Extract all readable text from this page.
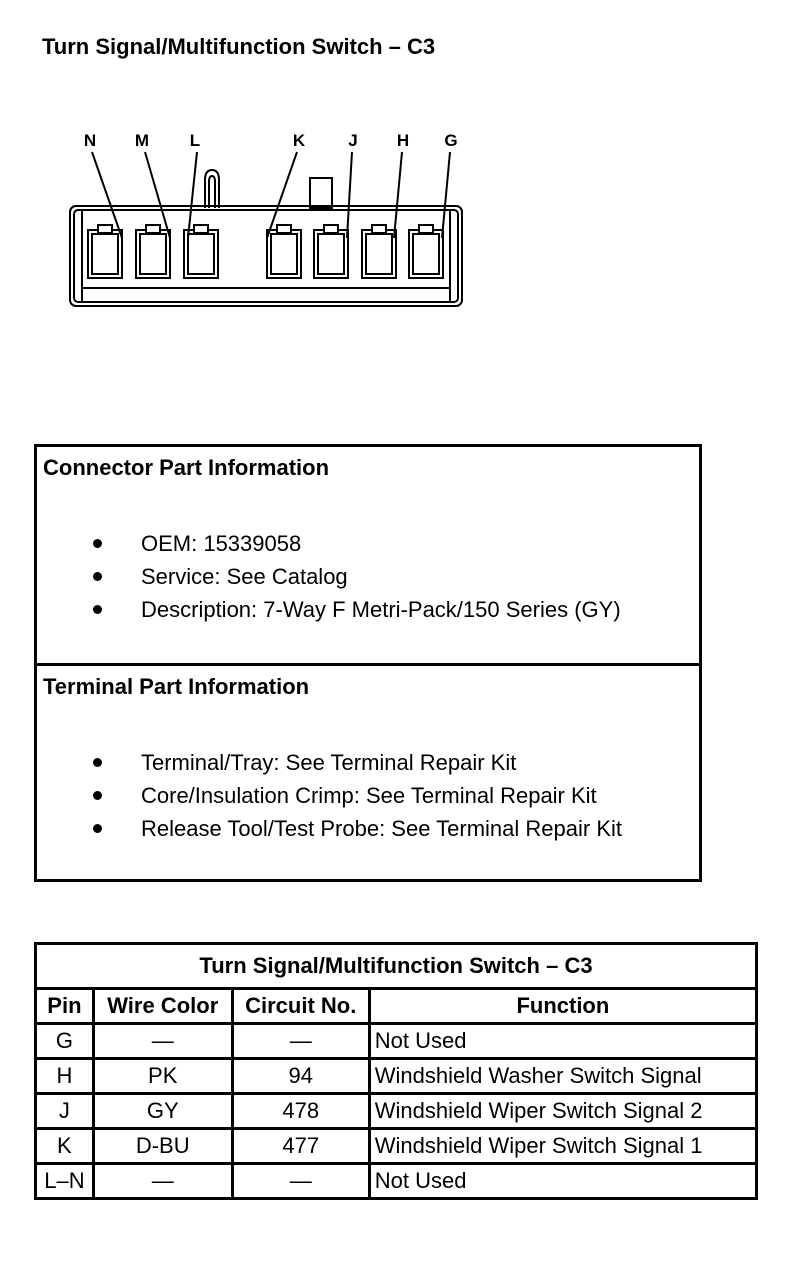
Turn Signal/Multifunction Switch – C3
N M L	K	J H G
Connector Part Information
OEM: 15339058
Service: See Catalog
Description: 7-Way F Metri-Pack/150 Series (GY)
Terminal Part Information
Terminal/Tray: See Terminal Repair Kit
Core/Insulation Crimp: See Terminal Repair Kit
Release Tool/Test Probe: See Terminal Repair Kit
Turn Signal/Multifunction Switch – C3			
Pin	Wire Color	Circuit No.	Function
G	—	—	Not Used
H	PK	94	Windshield Washer Switch Signal
J	GY	478	Windshield Wiper Switch Signal 2
K	D-BU	477	Windshield Wiper Switch Signal 1
L–N	—	—	Not Used
